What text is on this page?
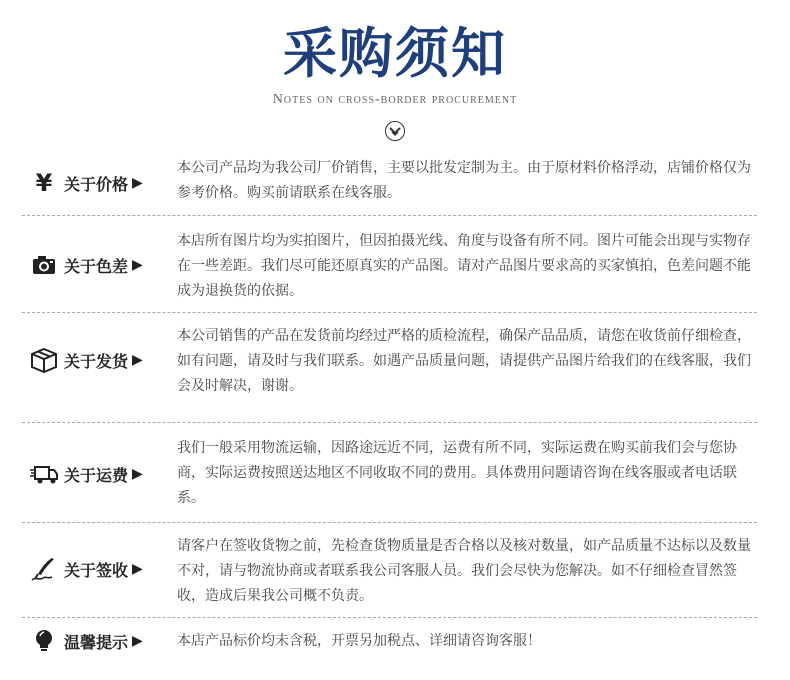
采购须知
Notes on cross-border procurement
¥ 关于价格 ▶
本公司产品均为我公司厂价销售，主要以批发定制为主。由于原材料价格浮动，店铺价格仅为参考价格。购买前请联系在线客服。
关于色差 ▶
本店所有图片均为实拍图片，但因拍摄光线、角度与设备有所不同。图片可能会出现与实物存在一些差距。我们尽可能还原真实的产品图。请对产品图片要求高的买家慎拍，色差问题不能成为退换货的依据。
关于发货 ▶
本公司销售的产品在发货前均经过严格的质检流程，确保产品品质，请您在收货前仔细检查，如有问题，请及时与我们联系。如遇产品质量问题，请提供产品图片给我们的在线客服，我们会及时解决，谢谢。
关于运费 ▶
我们一般采用物流运输，因路途远近不同，运费有所不同，实际运费在购买前我们会与您协商，实际运费按照送达地区不同收取不同的费用。具体费用问题请咨询在线客服或者电话联系。
关于签收 ▶
请客户在签收货物之前，先检查货物质量是否合格以及核对数量，如产品质量不达标以及数量不对，请与物流协商或者联系我公司客服人员。我们会尽快为您解决。如不仔细检查冒然签收，造成后果我公司概不负责。
温馨提示 ▶ 本店产品标价均未含税，开票另加税点、详细请咨询客服！
